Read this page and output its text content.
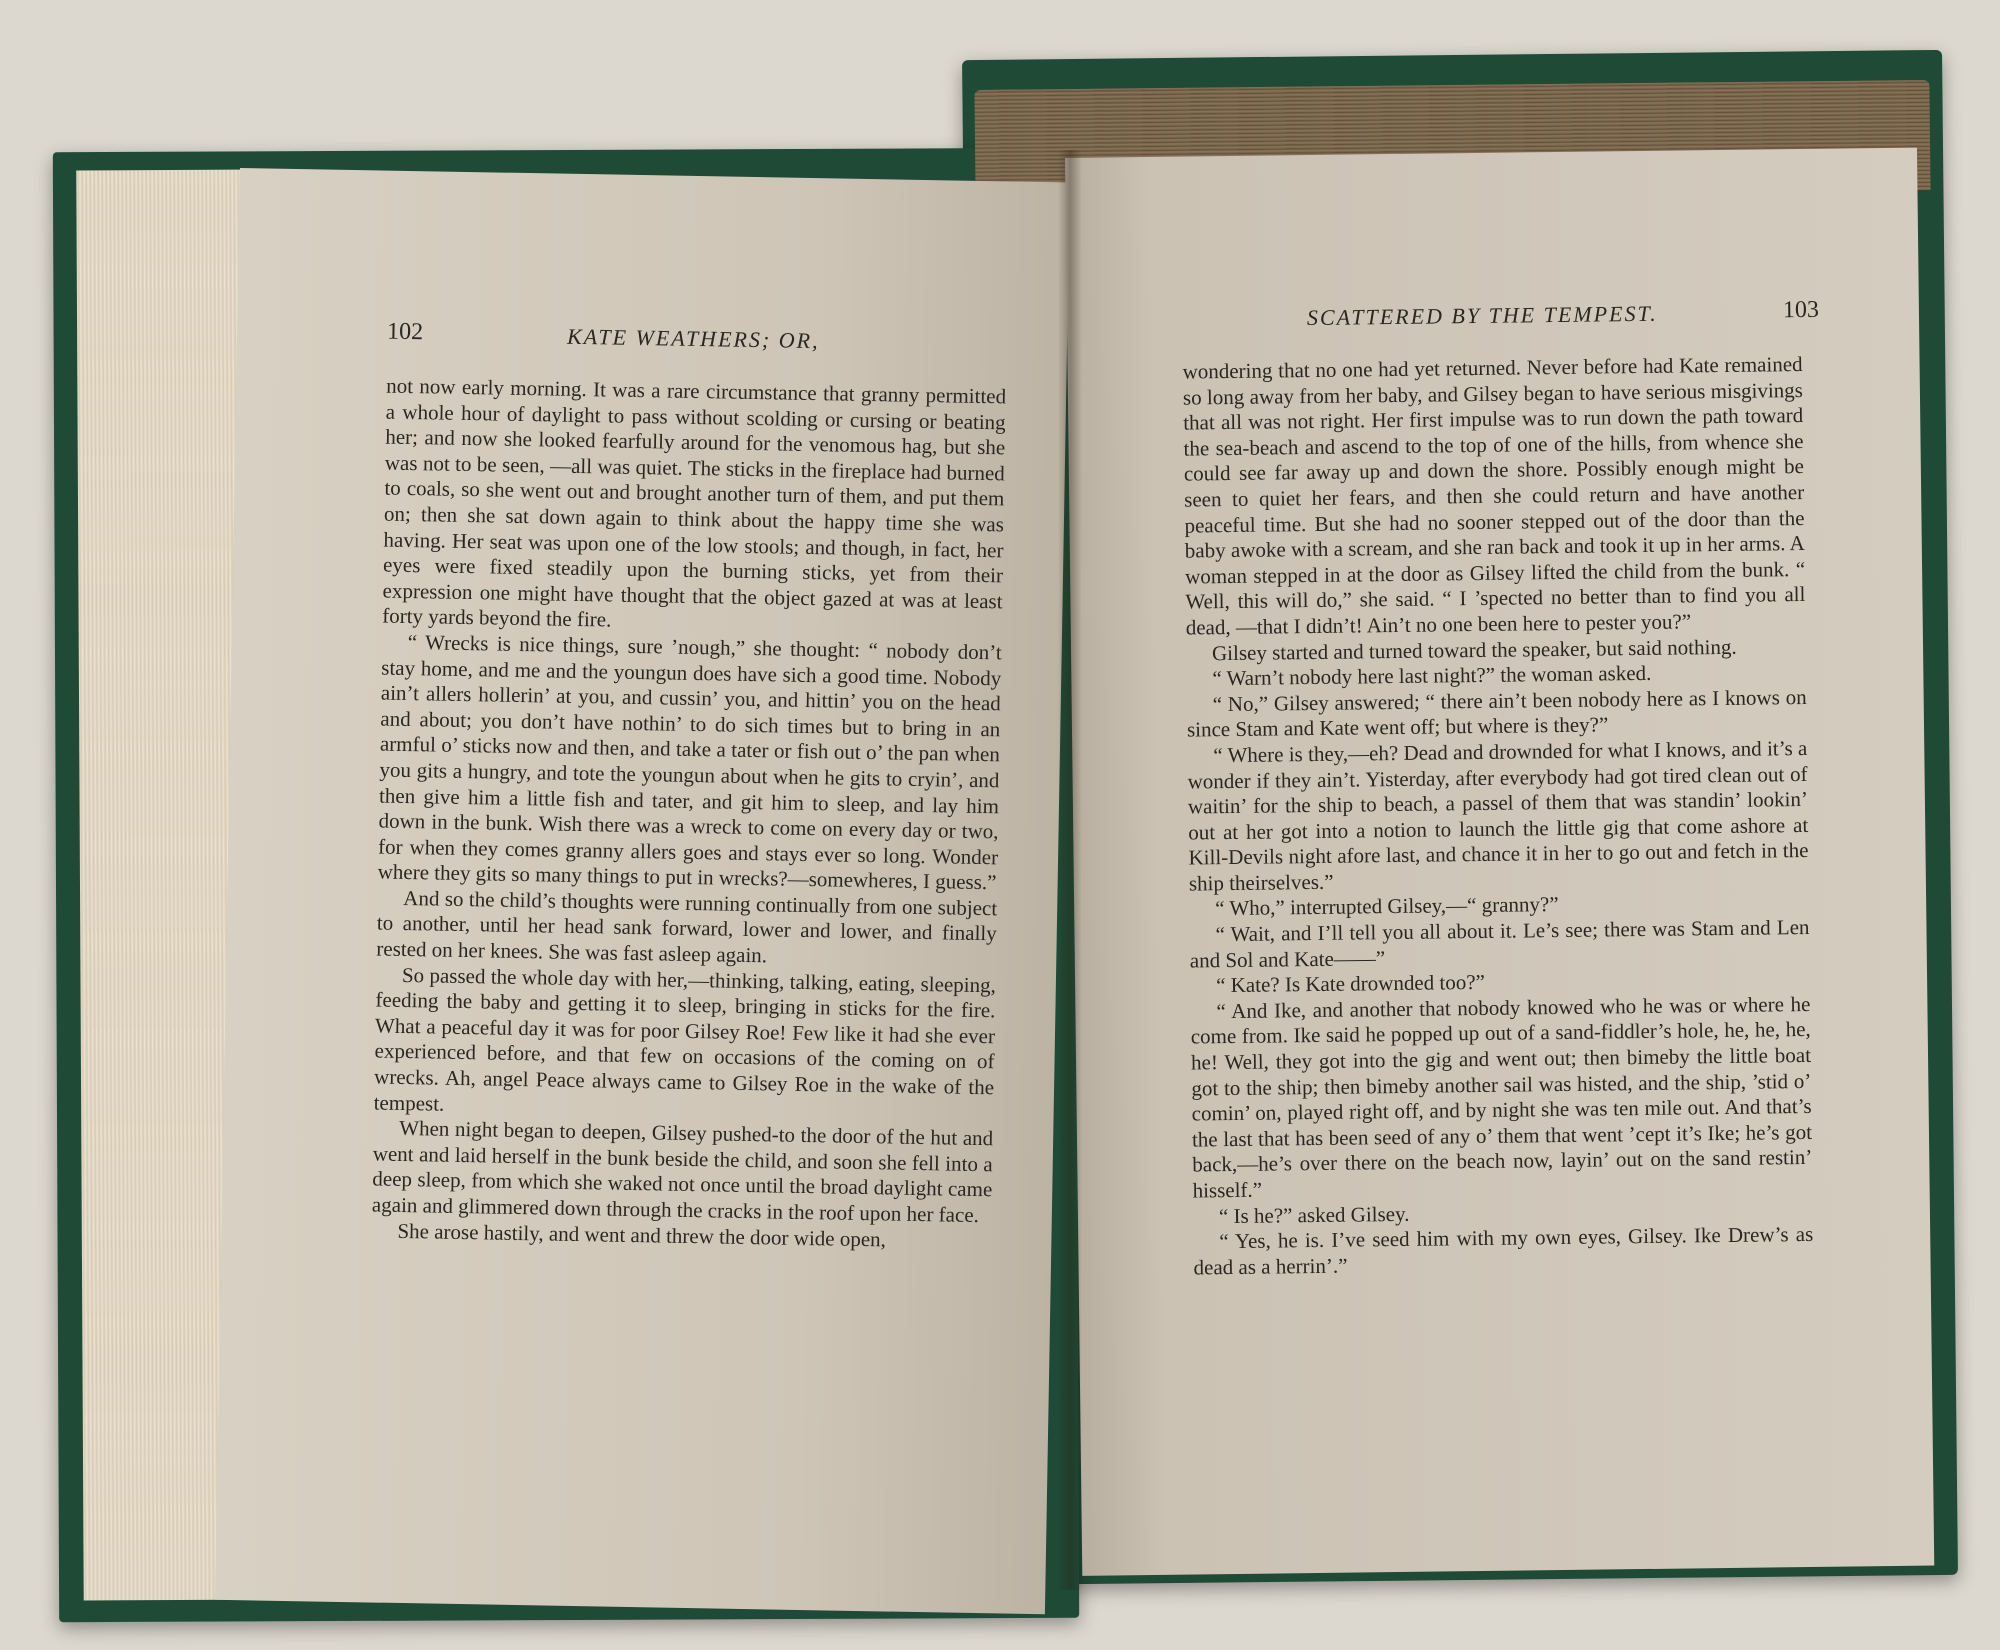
102	KATE WEATHERS; OR,

not now early morning. It was a rare circumstance that granny permitted a whole hour of daylight to pass without scolding or cursing or beating her; and now she looked fearfully around for the venomous hag, but she was not to be seen, —all was quiet. The sticks in the fireplace had burned to coals, so she went out and brought another turn of them, and put them on; then she sat down again to think about the happy time she was having. Her seat was upon one of the low stools; and though, in fact, her eyes were fixed steadily upon the burning sticks, yet from their expression one might have thought that the object gazed at was at least forty yards beyond the fire.

“ Wrecks is nice things, sure ’nough,” she thought: “ nobody don’t stay home, and me and the youngun does have sich a good time. Nobody ain’t allers hollerin’ at you, and cussin’ you, and hittin’ you on the head and about; you don’t have nothin’ to do sich times but to bring in an armful o’ sticks now and then, and take a tater or fish out o’ the pan when you gits a hungry, and tote the youngun about when he gits to cryin’, and then give him a little fish and tater, and git him to sleep, and lay him down in the bunk. Wish there was a wreck to come on every day or two, for when they comes granny allers goes and stays ever so long. Wonder where they gits so many things to put in wrecks?—somewheres, I guess.”

And so the child’s thoughts were running continually from one subject to another, until her head sank forward, lower and lower, and finally rested on her knees. She was fast asleep again.

So passed the whole day with her,—thinking, talking, eating, sleeping, feeding the baby and getting it to sleep, bringing in sticks for the fire. What a peaceful day it was for poor Gilsey Roe! Few like it had she ever experienced before, and that few on occasions of the coming on of wrecks. Ah, angel Peace always came to Gilsey Roe in the wake of the tempest.

When night began to deepen, Gilsey pushed-to the door of the hut and went and laid herself in the bunk beside the child, and soon she fell into a deep sleep, from which she waked not once until the broad daylight came again and glimmered down through the cracks in the roof upon her face.

She arose hastily, and went and threw the door wide open,

SCATTERED BY THE TEMPEST.	103

wondering that no one had yet returned. Never before had Kate remained so long away from her baby, and Gilsey began to have serious misgivings that all was not right. Her first impulse was to run down the path toward the sea-beach and ascend to the top of one of the hills, from whence she could see far away up and down the shore. Possibly enough might be seen to quiet her fears, and then she could return and have another peaceful time. But she had no sooner stepped out of the door than the baby awoke with a scream, and she ran back and took it up in her arms. A woman stepped in at the door as Gilsey lifted the child from the bunk. “ Well, this will do,” she said. “ I ’spected no better than to find you all dead, —that I didn’t! Ain’t no one been here to pester you?”

Gilsey started and turned toward the speaker, but said nothing.

“ Warn’t nobody here last night?” the woman asked.

“ No,” Gilsey answered; “ there ain’t been nobody here as I knows on since Stam and Kate went off; but where is they?”

“ Where is they,—eh? Dead and drownded for what I knows, and it’s a wonder if they ain’t. Yisterday, after everybody had got tired clean out of waitin’ for the ship to beach, a passel of them that was standin’ lookin’ out at her got into a notion to launch the little gig that come ashore at Kill-Devils night afore last, and chance it in her to go out and fetch in the ship theirselves.”

“ Who,” interrupted Gilsey,—“ granny?”

“ Wait, and I’ll tell you all about it. Le’s see; there was Stam and Len and Sol and Kate——”

“ Kate? Is Kate drownded too?”

“ And Ike, and another that nobody knowed who he was or where he come from. Ike said he popped up out of a sand-fiddler’s hole, he, he, he, he! Well, they got into the gig and went out; then bimeby the little boat got to the ship; then bimeby another sail was histed, and the ship, ’stid o’ comin’ on, played right off, and by night she was ten mile out. And that’s the last that has been seed of any o’ them that went ’cept it’s Ike; he’s got back,—he’s over there on the beach now, layin’ out on the sand restin’ hisself.”

“ Is he?” asked Gilsey.

“ Yes, he is. I’ve seed him with my own eyes, Gilsey. Ike Drew’s as dead as a herrin’.”
